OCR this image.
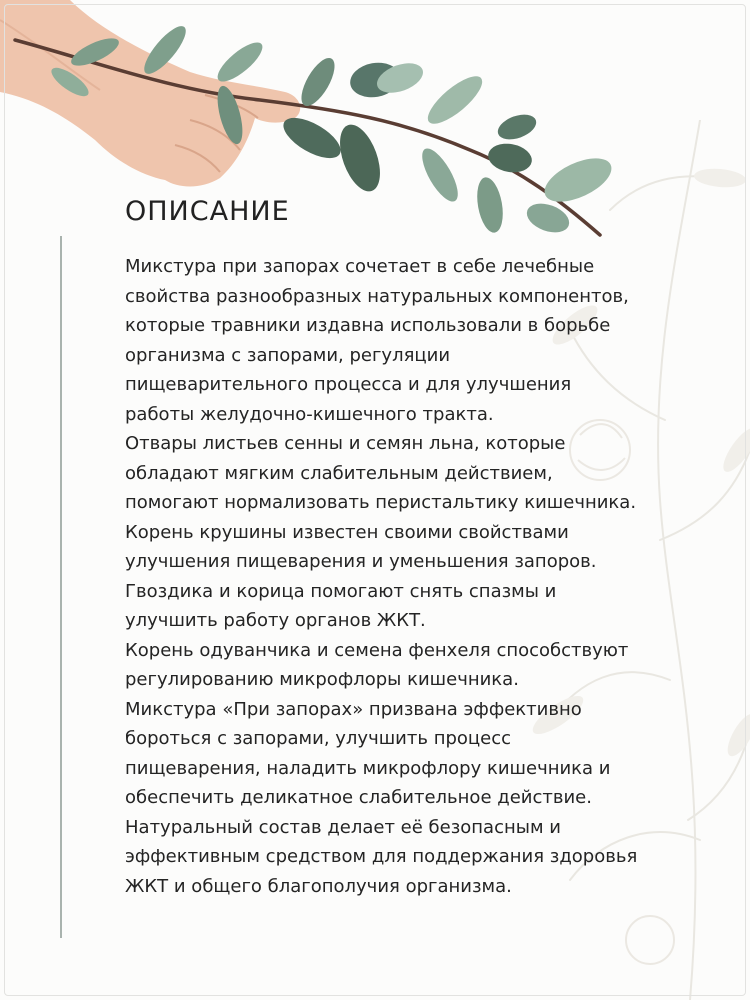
ОПИСАНИЕ
Микстура при запорах сочетает в себе лечебные
свойства разнообразных натуральных компонентов,
которые травники издавна использовали в борьбе
организма с запорами, регуляции
пищеварительного процесса и для улучшения
работы желудочно-кишечного тракта.
Отвары листьев сенны и семян льна, которые
обладают мягким слабительным действием,
помогают нормализовать перистальтику кишечника.
Корень крушины известен своими свойствами
улучшения пищеварения и уменьшения запоров.
Гвоздика и корица помогают снять спазмы и
улучшить работу органов ЖКТ.
Корень одуванчика и семена фенхеля способствуют
регулированию микрофлоры кишечника.
Микстура «При запорах» призвана эффективно
бороться с запорами, улучшить процесс
пищеварения, наладить микрофлору кишечника и
обеспечить деликатное слабительное действие.
Натуральный состав делает её безопасным и
эффективным средством для поддержания здоровья
ЖКТ и общего благополучия организма.
